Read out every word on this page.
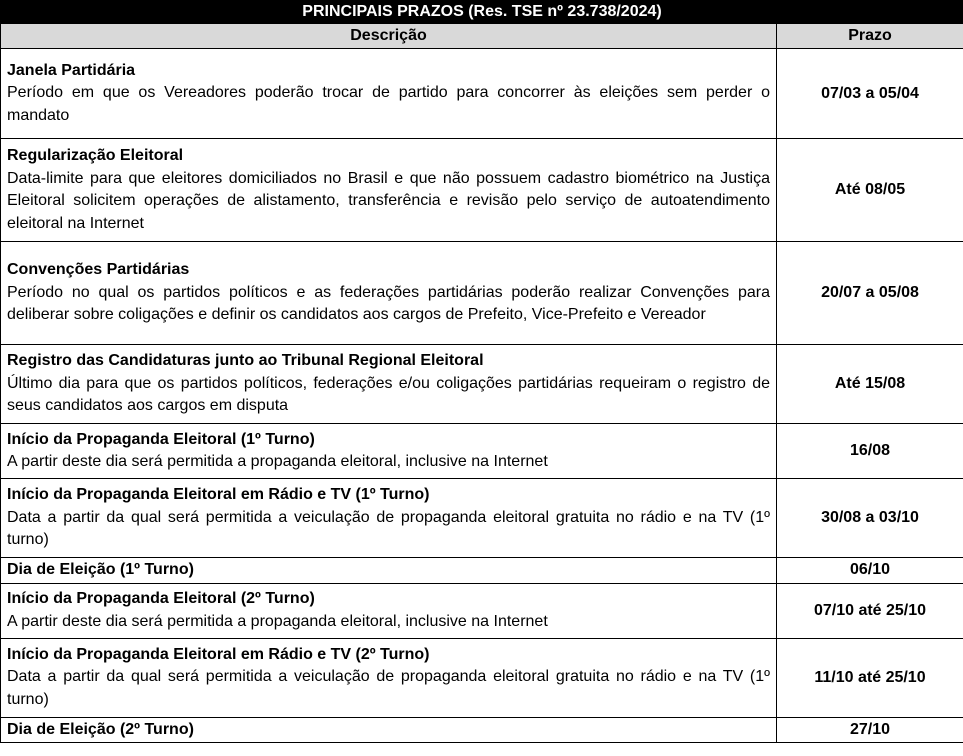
PRINCIPAIS PRAZOS (Res. TSE nº 23.738/2024)	
Descrição	Prazo

Janela Partidária
Período em que os Vereadores poderão trocar de partido para concorrer às eleições sem perder o mandato	07/03 a 05/04

Regularização Eleitoral
Data-limite para que eleitores domiciliados no Brasil e que não possuem cadastro biométrico na Justiça Eleitoral solicitem operações de alistamento, transferência e revisão pelo serviço de autoatendimento eleitoral na Internet	Até 08/05

Convenções Partidárias
Período no qual os partidos políticos e as federações partidárias poderão realizar Convenções para deliberar sobre coligações e definir os candidatos aos cargos de Prefeito, Vice-Prefeito e Vereador	20/07 a 05/08

Registro das Candidaturas junto ao Tribunal Regional Eleitoral
Último dia para que os partidos políticos, federações e/ou coligações partidárias requeiram o registro de seus candidatos aos cargos em disputa	Até 15/08

Início da Propaganda Eleitoral (1º Turno)
A partir deste dia será permitida a propaganda eleitoral, inclusive na Internet	16/08

Início da Propaganda Eleitoral em Rádio e TV (1º Turno)
Data a partir da qual será permitida a veiculação de propaganda eleitoral gratuita no rádio e na TV (1º turno)	30/08 a 03/10

Dia de Eleição (1º Turno)	06/10

Início da Propaganda Eleitoral (2º Turno)
A partir deste dia será permitida a propaganda eleitoral, inclusive na Internet	07/10 até 25/10

Início da Propaganda Eleitoral em Rádio e TV (2º Turno)
Data a partir da qual será permitida a veiculação de propaganda eleitoral gratuita no rádio e na TV (1º turno)	11/10 até 25/10

Dia de Eleição (2º Turno)	27/10
